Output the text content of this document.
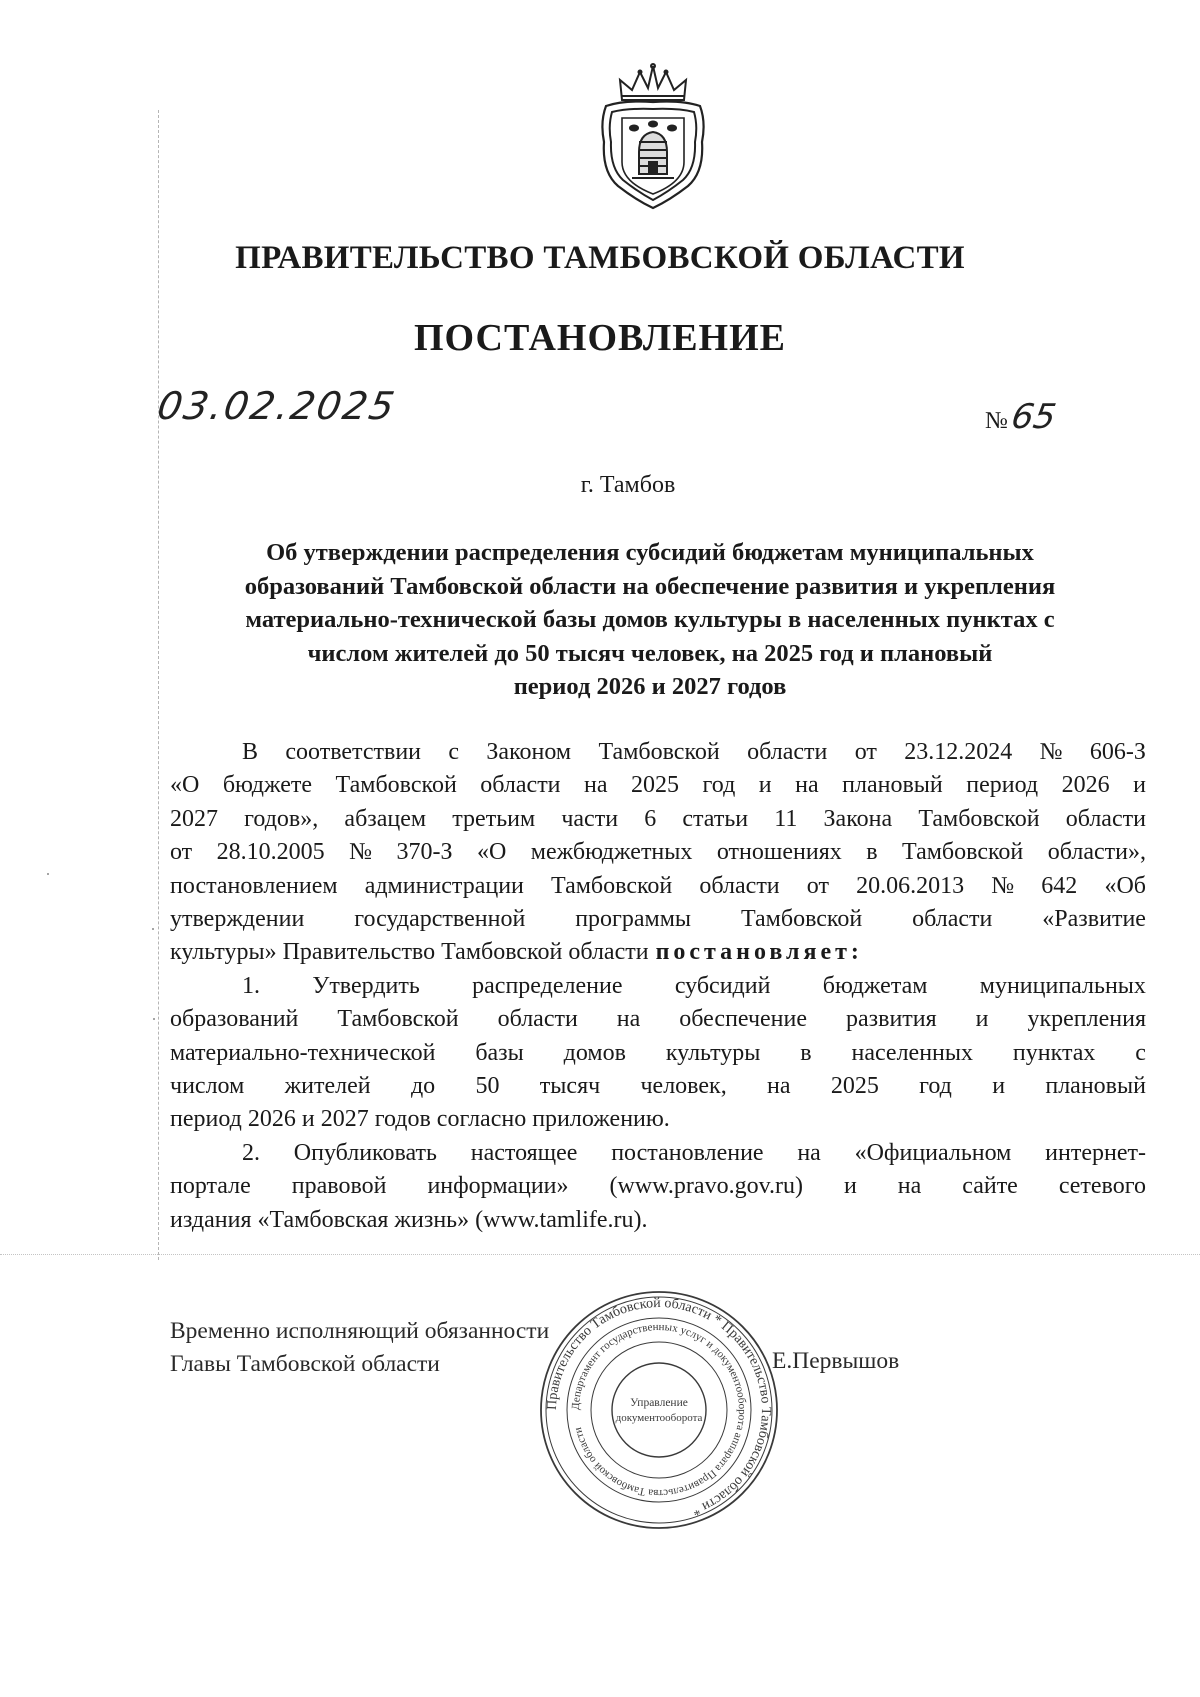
ПРАВИТЕЛЬСТВО ТАМБОВСКОЙ ОБЛАСТИ
ПОСТАНОВЛЕНИЕ
03.02.2025	№65
г. Тамбов
Об утверждении распределения субсидий бюджетам муниципальных
образований Тамбовской области на обеспечение развития и укрепления
материально-технической базы домов культуры в населенных пунктах с
числом жителей до 50 тысяч человек, на 2025 год и плановый
период 2026 и 2027 годов
В соответствии с Законом Тамбовской области от 23.12.2024 № 606-З
«О бюджете Тамбовской области на 2025 год и на плановый период 2026 и
2027 годов», абзацем третьим части 6 статьи 11 Закона Тамбовской области
от 28.10.2005 № 370-З «О межбюджетных отношениях в Тамбовской области»,
постановлением администрации Тамбовской области от 20.06.2013 № 642 «Об
утверждении государственной программы Тамбовской области «Развитие
культуры» Правительство Тамбовской области постановляет:
1. Утвердить распределение субсидий бюджетам муниципальных
образований Тамбовской области на обеспечение развития и укрепления
материально-технической базы домов культуры в населенных пунктах с
числом жителей до 50 тысяч человек, на 2025 год и плановый
период 2026 и 2027 годов согласно приложению.
2. Опубликовать настоящее постановление на «Официальном интернет-
портале правовой информации» (www.pravo.gov.ru) и на сайте сетевого
издания «Тамбовская жизнь» (www.tamlife.ru).
Временно исполняющий обязанности
Главы Тамбовской области	Е.Первышов
Правительство Тамбовской области * Правительство Тамбовской области *
Департамент государственных услуг и документооборота аппарата Правительства Тамбовской области
Управление
документооборота
